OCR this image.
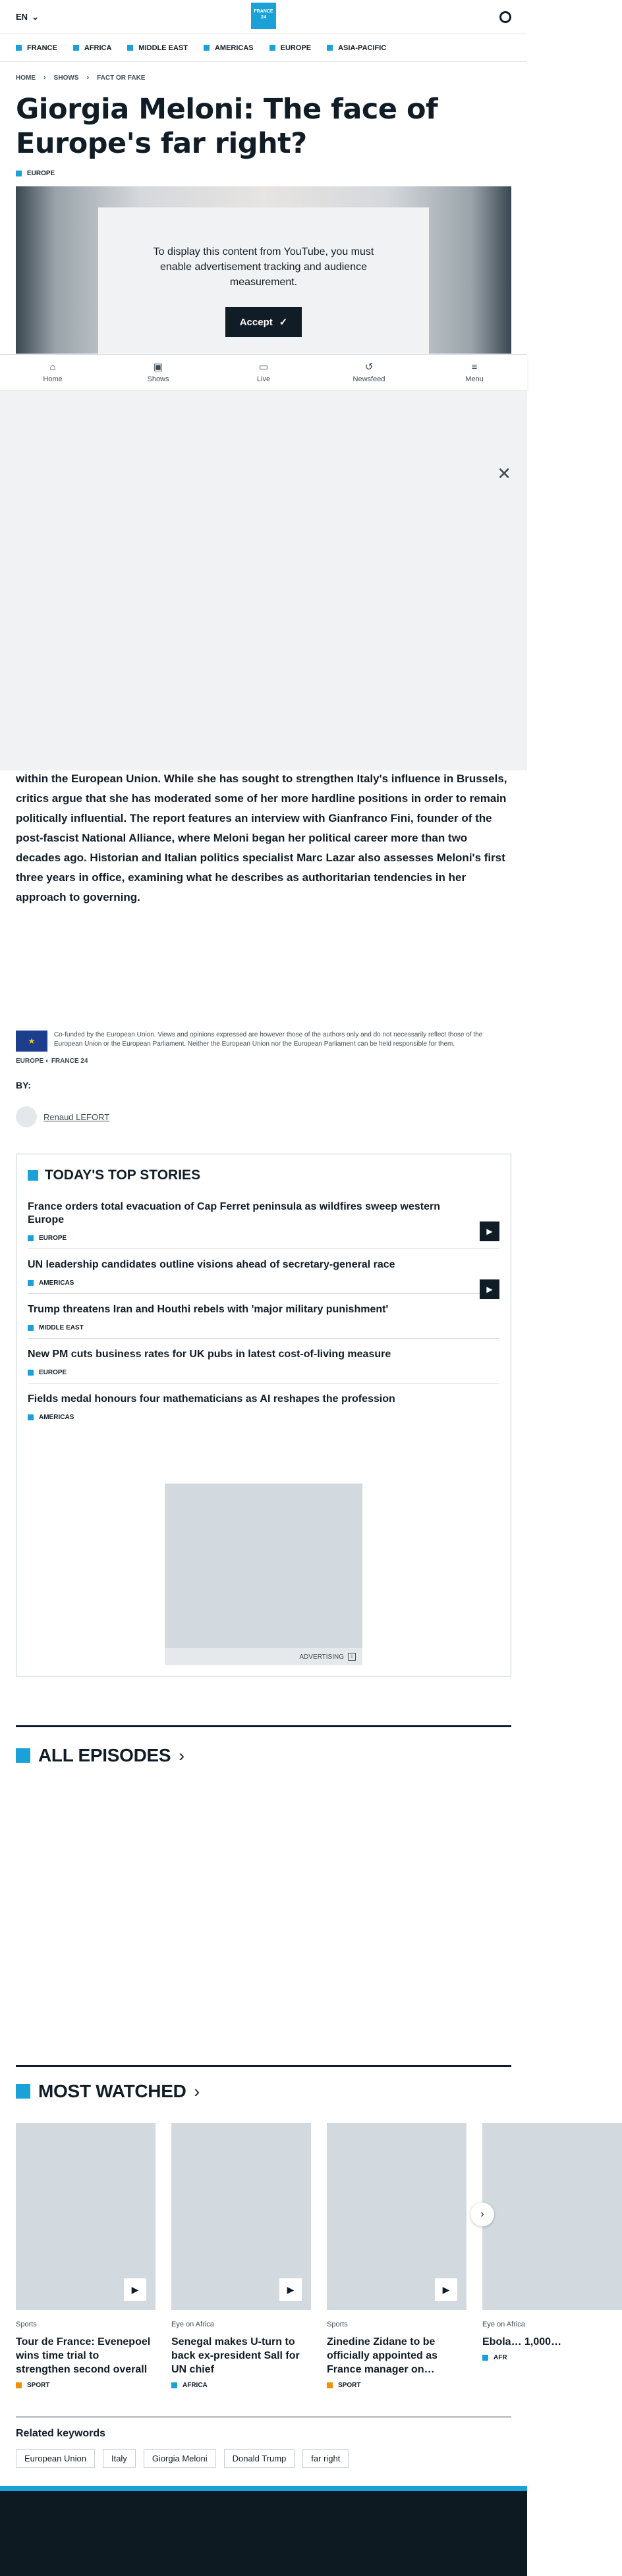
EN ⌄	FRANCE 24
FRANCE	AFRICA	MIDDLE EAST	AMERICAS	EUROPE	ASIA-PACIFIC
HOME › SHOWS › FACT OR FAKE
Giorgia Meloni: The face of Europe's far right?
EUROPE

To display this content from YouTube, you must enable advertisement tracking and audience measurement.

Accept ✓
⌂
Home
▣
Shows
▭
Live
↺
Newsfeed
≡
Menu
✕

within the European Union. While she has sought to strengthen Italy's influence in Brussels, critics argue that she has moderated some of her more hardline positions in order to remain politically influential. The report features an interview with Gianfranco Fini, founder of the post-fascist National Alliance, where Meloni began her political career more than two decades ago. Historian and Italian politics specialist Marc Lazar also assesses Meloni's first three years in office, examining what he describes as authoritarian tendencies in her approach to governing.

★

Co-funded by the European Union. Views and opinions expressed are however those of the authors only and do not necessarily reflect those of the European Union or the European Parliament. Neither the European Union nor the European Parliament can be held responsible for them.

EUROPE ◐ FRANCE 24
BY:
Renaud LEFORT
TODAY'S TOP STORIES
France orders total evacuation of Cap Ferret peninsula as wildfires sweep western Europe
EUROPE
▶
UN leadership candidates outline visions ahead of secretary-general race
AMERICAS
▶
Trump threatens Iran and Houthi rebels with 'major military punishment'
MIDDLE EAST
New PM cuts business rates for UK pubs in latest cost-of-living measure
EUROPE
Fields medal honours four mathematicians as AI reshapes the profession
AMERICAS
ADVERTISING	i
ALL EPISODES ›
MOST WATCHED ›
▶
Sports
Tour de France: Evenepoel wins time trial to strengthen second overall
SPORT
▶
Eye on Africa
Senegal makes U-turn to back ex-president Sall for UN chief
AFRICA
▶
Sports
Zinedine Zidane to be officially appointed as France manager on…
SPORT
Eye on Africa
Ebola… 1,000…
AFR
›
Related keywords
European Union	Italy	Giorgia Meloni	Donald Trump	far right
